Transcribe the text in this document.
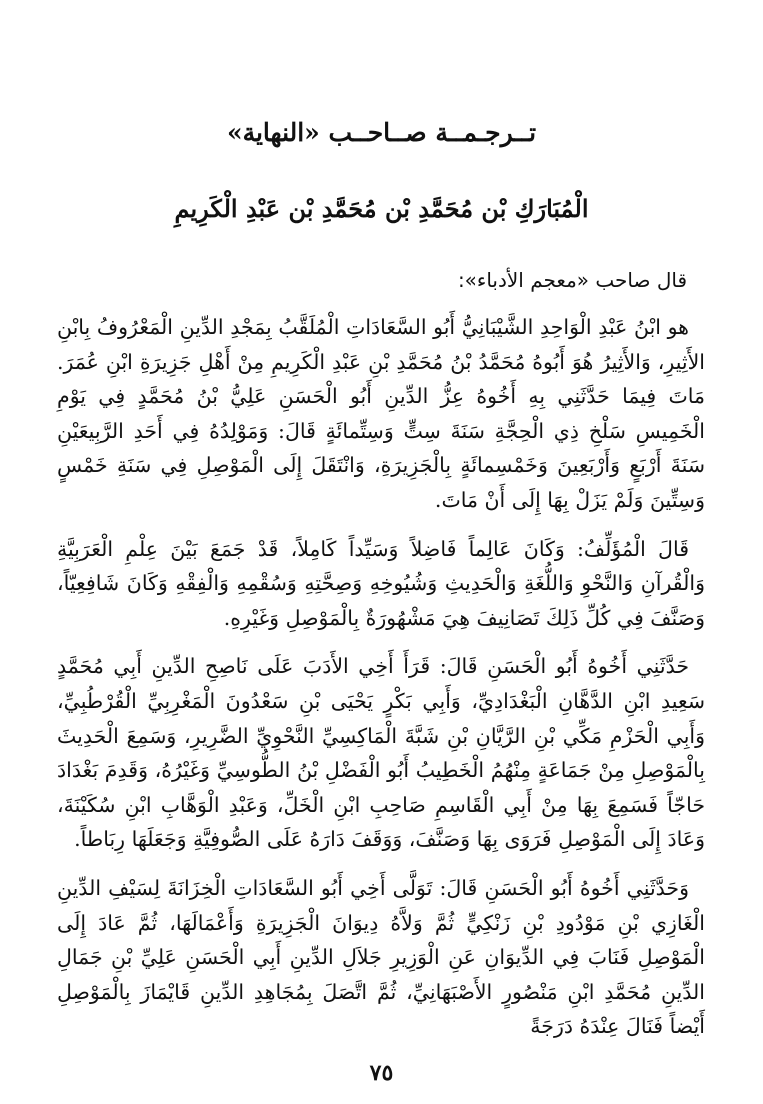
تــرجـمــة صــاحــب «النهاية»
الْمُبَارَكِ بْن مُحَمَّدِ بْن مُحَمَّدِ بْن عَبْدِ الْكَرِيمِ
قال صاحب «معجم الأدباء»:

هو ابْنُ عَبْدِ الْوَاحِدِ الشَّيْبَانِيُّ أَبُو السَّعَادَاتِ الْمُلَقَّبُ بِمَجْدِ الدِّينِ الْمَعْرُوفُ بِابْنِ الأَثِيرِ، وَالأَثِيرُ هُوَ أَبُوهُ مُحَمَّدُ بْنُ مُحَمَّدِ بْنِ عَبْدِ الْكَرِيمِ مِنْ أَهْلِ جَزِيرَةِ ابْنِ عُمَرَ. مَاتَ فِيمَا حَدَّثَنِي بِهِ أَخُوهُ عِزُّ الدِّينِ أَبُو الْحَسَنِ عَلِيُّ بْنُ مُحَمَّدٍ فِي يَوْمِ الْخَمِيسِ سَلْخِ ذِي الْحِجَّةِ سَنَةَ سِتٍّ وَسِتِّمائَةٍ قَالَ: وَمَوْلِدُهُ فِي أَحَدِ الرَّبِيعَيْنِ سَنَةَ أَرْبَعٍ وَأَرْبَعِينَ وَخَمْسِمائَةٍ بِالْجَزِيرَةِ، وَانْتَقَلَ إِلَى الْمَوْصِلِ فِي سَنَةِ خَمْسٍ وَسِتِّينَ وَلَمْ يَزَلْ بِهَا إِلَى أَنْ مَاتَ.

قَالَ الْمُؤَلِّفُ: وَكَانَ عَالِماً فَاضِلاً وَسَيِّداً كَامِلاً، قَدْ جَمَعَ بَيْنَ عِلْمِ الْعَرَبِيَّةِ وَالْقُرآنِ وَالنَّحْوِ وَاللُّغَةِ وَالْحَدِيثِ وَشُيُوخِهِ وَصِحَّتِهِ وَسُقْمِهِ وَالْفِقْهِ وَكَانَ شَافِعِيّاً، وَصَنَّفَ فِي كُلِّ ذَلِكَ تَصَانِيفَ هِيَ مَشْهُورَةٌ بِالْمَوْصِلِ وَغَيْرِهِ.

حَدَّثَنِي أَخُوهُ أَبُو الْحَسَنِ قَالَ: قَرَأَ أَخِي الأَدَبَ عَلَى نَاصِحِ الدِّينِ أَبِي مُحَمَّدٍ سَعِيدِ ابْنِ الدَّهَّانِ الْبَغْدَادِيِّ، وَأَبِي بَكْرٍ يَحْيَى بْنِ سَعْدُونَ الْمَغْرِبِيِّ الْقُرْطُبِيِّ، وَأَبِي الْحَزْمِ مَكِّي بْنِ الرَّيَّانِ بْنِ شَبَّةَ الْمَاكِسِيِّ النَّحْوِيِّ الضَّرِيرِ، وَسَمِعَ الْحَدِيثَ بِالْمَوْصِلِ مِنْ جَمَاعَةٍ مِنْهُمُ الْخَطِيبُ أَبُو الْفَضْلِ بْنُ الطُّوسِيِّ وَغَيْرُهُ، وَقَدِمَ بَغْدَادَ حَاجّاً فَسَمِعَ بِهَا مِنْ أَبِي الْقَاسِمِ صَاحِبِ ابْنِ الْخَلِّ، وَعَبْدِ الْوَهَّابِ ابْنِ سُكَيْنَةَ، وَعَادَ إِلَى الْمَوْصِلِ فَرَوَى بِهَا وَصَنَّفَ، وَوَقَفَ دَارَهُ عَلَى الصُّوفِيَّةِ وَجَعَلَهَا رِبَاطاً.

وَحَدَّثَنِي أَخُوهُ أَبُو الْحَسَنِ قَالَ: تَوَلَّى أَخِي أَبُو السَّعَادَاتِ الْخِزَانَةَ لِسَيْفِ الدِّينِ الْغَازِي بْنِ مَوْدُودِ بْنِ زَنْكِيٍّ ثُمَّ وَلاَّهُ دِيوَانَ الْجَزِيرَةِ وَأَعْمَالَهَا، ثُمَّ عَادَ إِلَى الْمَوْصِلِ فَنَابَ فِي الدِّيوَانِ عَنِ الْوَزِيرِ جَلاَلِ الدِّينِ أَبِي الْحَسَنِ عَلِيِّ بْنِ جَمَالِ الدِّينِ مُحَمَّدِ ابْنِ مَنْصُورٍ الأَصْبَهَانِيِّ، ثُمَّ اتَّصَلَ بِمُجَاهِدِ الدِّينِ قَايْمَازَ بِالْمَوْصِلِ أَيْضاً فَنَالَ عِنْدَهُ دَرَجَةً

٧٥
